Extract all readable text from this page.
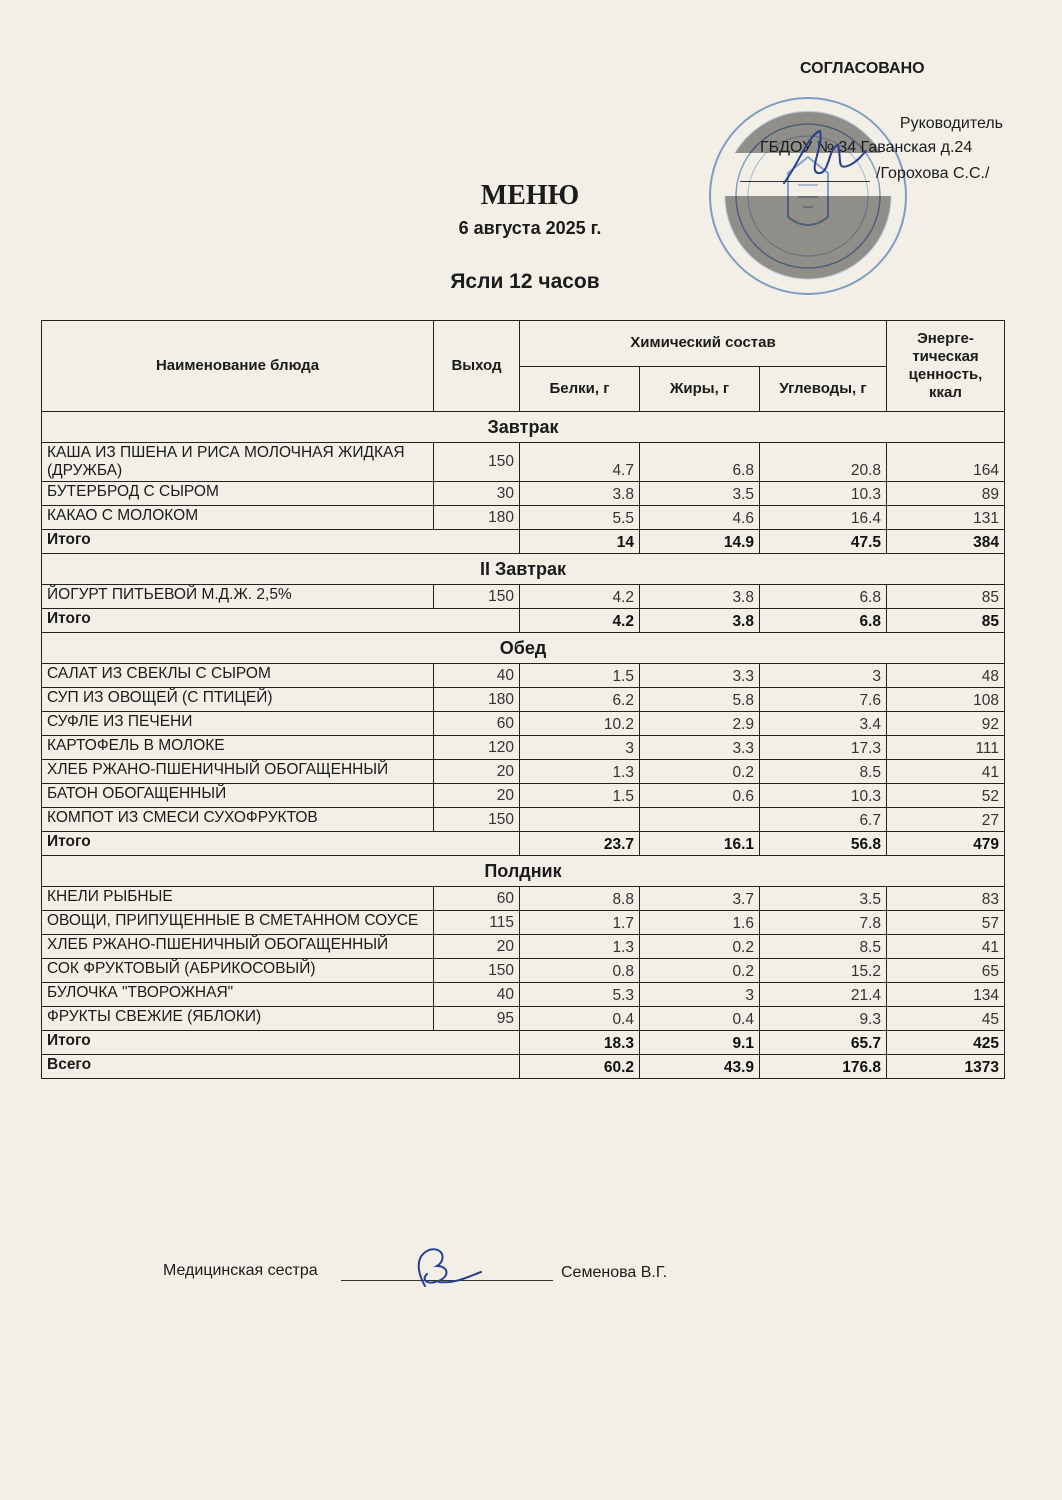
СОГЛАСОВАНО
Руководитель
ГБДОУ № 34 Гаванская д.24
/Горохова С.С./
МЕНЮ
6 августа 2025 г.
Ясли 12 часов
Наименование блюда	Выход	Химический состав			Энерге-тическая ценность, ккал
		Белки, г	Жиры, г	Углеводы, г	
Завтрак					
КАША ИЗ ПШЕНА И РИСА МОЛОЧНАЯ ЖИДКАЯ (ДРУЖБА)	150	4.7	6.8	20.8	164
БУТЕРБРОД С СЫРОМ	30	3.8	3.5	10.3	89
КАКАО С МОЛОКОМ	180	5.5	4.6	16.4	131
Итого		14	14.9	47.5	384
II Завтрак					
ЙОГУРТ ПИТЬЕВОЙ М.Д.Ж. 2,5%	150	4.2	3.8	6.8	85
Итого		4.2	3.8	6.8	85
Обед					
САЛАТ ИЗ СВЕКЛЫ С СЫРОМ	40	1.5	3.3	3	48
СУП ИЗ ОВОЩЕЙ (С ПТИЦЕЙ)	180	6.2	5.8	7.6	108
СУФЛЕ ИЗ ПЕЧЕНИ	60	10.2	2.9	3.4	92
КАРТОФЕЛЬ В МОЛОКЕ	120	3	3.3	17.3	111
ХЛЕБ РЖАНО-ПШЕНИЧНЫЙ ОБОГАЩЕННЫЙ	20	1.3	0.2	8.5	41
БАТОН ОБОГАЩЕННЫЙ	20	1.5	0.6	10.3	52
КОМПОТ ИЗ СМЕСИ СУХОФРУКТОВ	150			6.7	27
Итого		23.7	16.1	56.8	479
Полдник					
КНЕЛИ РЫБНЫЕ	60	8.8	3.7	3.5	83
ОВОЩИ, ПРИПУЩЕННЫЕ В СМЕТАННОМ СОУСЕ	115	1.7	1.6	7.8	57
ХЛЕБ РЖАНО-ПШЕНИЧНЫЙ ОБОГАЩЕННЫЙ	20	1.3	0.2	8.5	41
СОК ФРУКТОВЫЙ (АБРИКОСОВЫЙ)	150	0.8	0.2	15.2	65
БУЛОЧКА "ТВОРОЖНАЯ"	40	5.3	3	21.4	134
ФРУКТЫ СВЕЖИЕ (ЯБЛОКИ)	95	0.4	0.4	9.3	45
Итого		18.3	9.1	65.7	425
Всего		60.2	43.9	176.8	1373
Медицинская сестра	Семенова В.Г.
